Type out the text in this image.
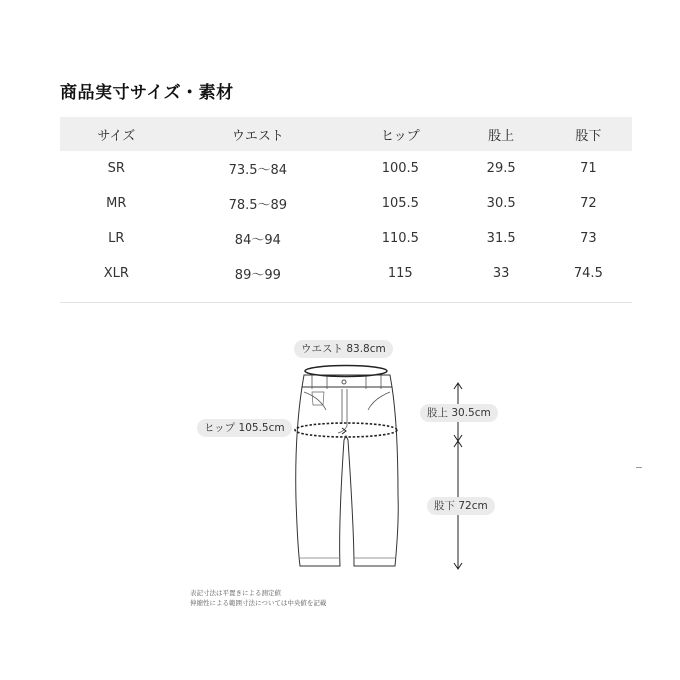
商品実寸サイズ・素材
サイズ	ウエスト	ヒップ	股上	股下
SR	73.5〜84	100.5	29.5	71
MR	78.5〜89	105.5	30.5	72
LR	84〜94	110.5	31.5	73
XLR	89〜99	115	33	74.5
ウエスト 83.8cm
ヒップ 105.5cm
股上 30.5cm
股下 72cm
表記寸法は平置きによる測定値
伸縮性による範囲寸法については中央値を記載
